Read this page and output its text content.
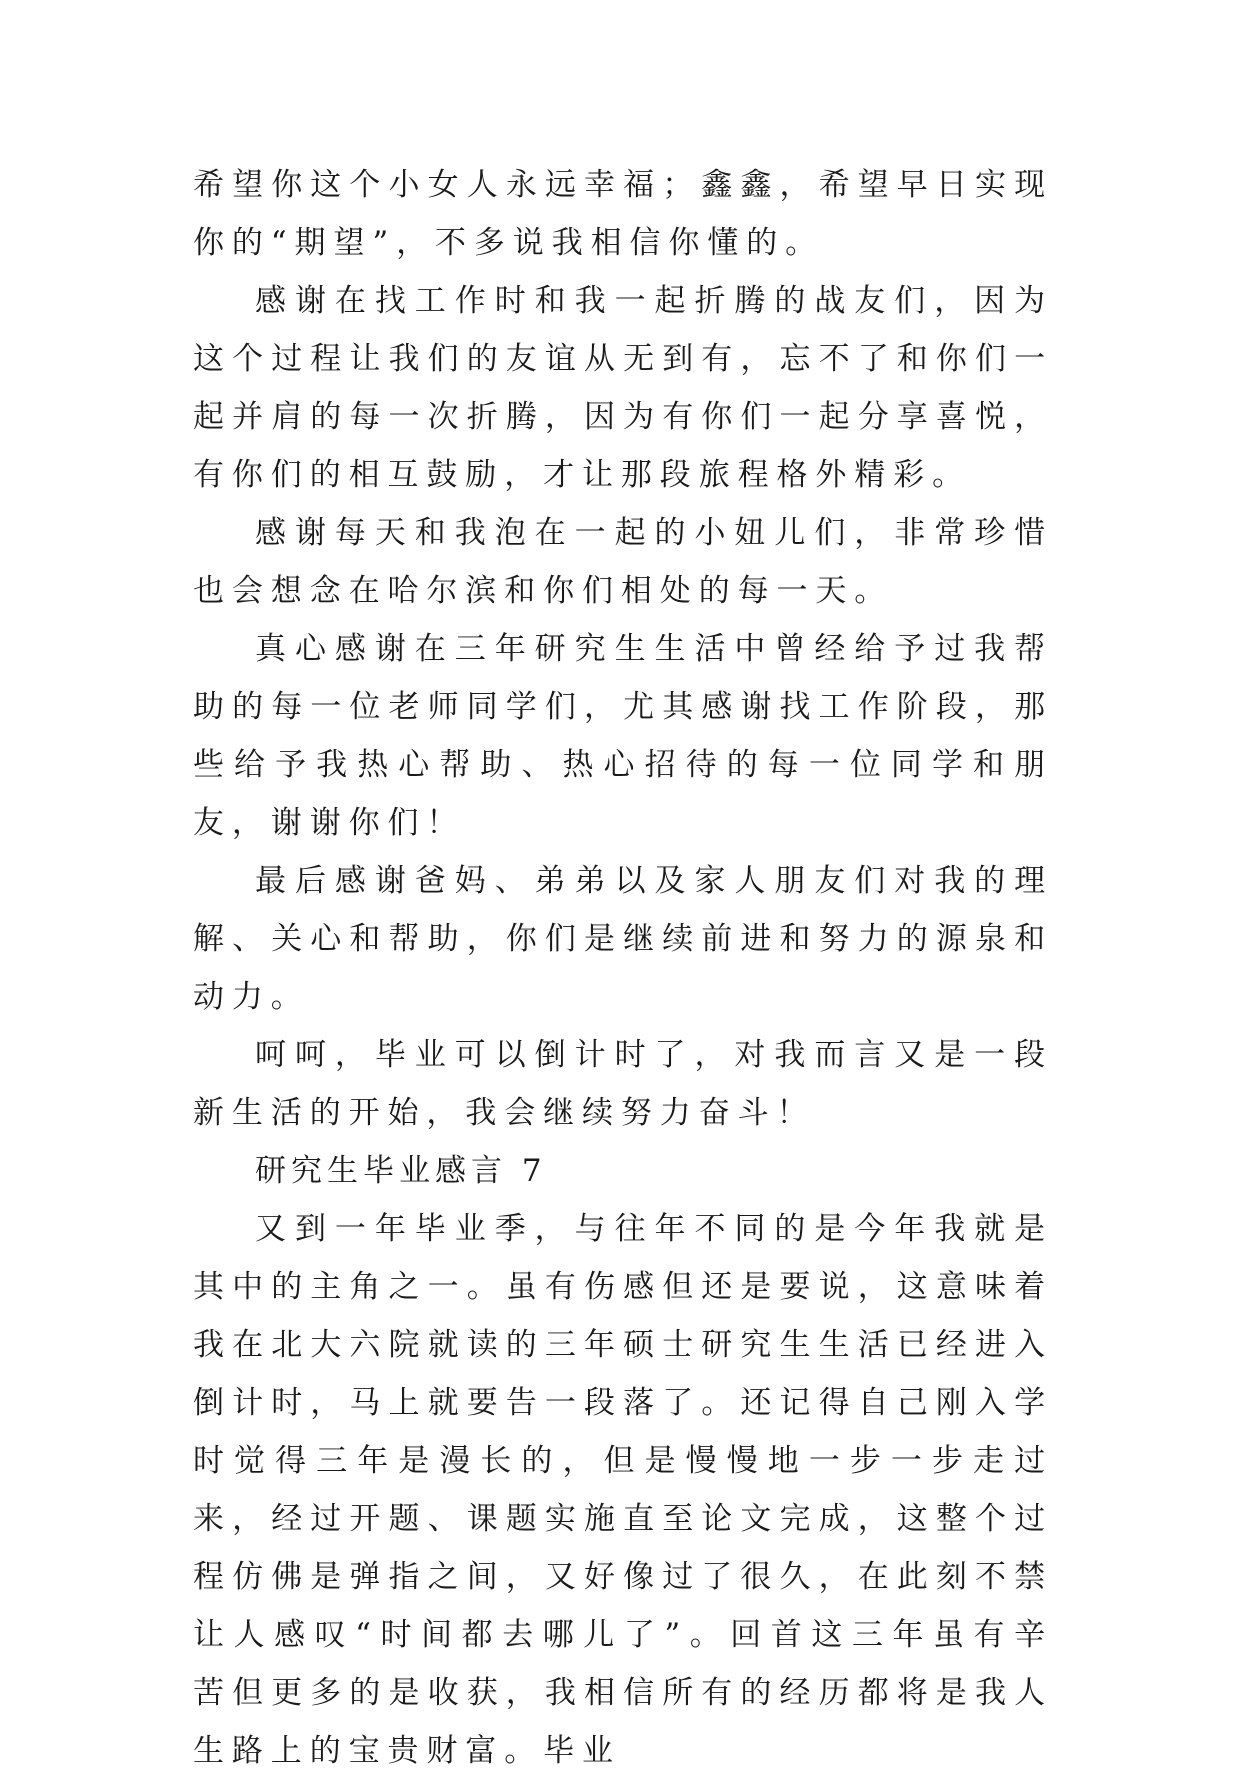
希望你这个小女人永远幸福；鑫鑫，希望早日实现你的“期望”，不多说我相信你懂的。

感谢在找工作时和我一起折腾的战友们，因为这个过程让我们的友谊从无到有，忘不了和你们一起并肩的每一次折腾，因为有你们一起分享喜悦，有你们的相互鼓励，才让那段旅程格外精彩。

感谢每天和我泡在一起的小妞儿们，非常珍惜也会想念在哈尔滨和你们相处的每一天。

真心感谢在三年研究生生活中曾经给予过我帮助的每一位老师同学们，尤其感谢找工作阶段，那些给予我热心帮助、热心招待的每一位同学和朋友，谢谢你们！

最后感谢爸妈、弟弟以及家人朋友们对我的理解、关心和帮助，你们是继续前进和努力的源泉和动力。

呵呵，毕业可以倒计时了，对我而言又是一段新生活的开始，我会继续努力奋斗！

研究生毕业感言 7

又到一年毕业季，与往年不同的是今年我就是其中的主角之一。虽有伤感但还是要说，这意味着我在北大六院就读的三年硕士研究生生活已经进入倒计时，马上就要告一段落了。还记得自己刚入学时觉得三年是漫长的，但是慢慢地一步一步走过来，经过开题、课题实施直至论文完成，这整个过程仿佛是弹指之间，又好像过了很久，在此刻不禁让人感叹“时间都去哪儿了”。回首这三年虽有辛苦但更多的是收获，我相信所有的经历都将是我人生路上的宝贵财富。毕业
